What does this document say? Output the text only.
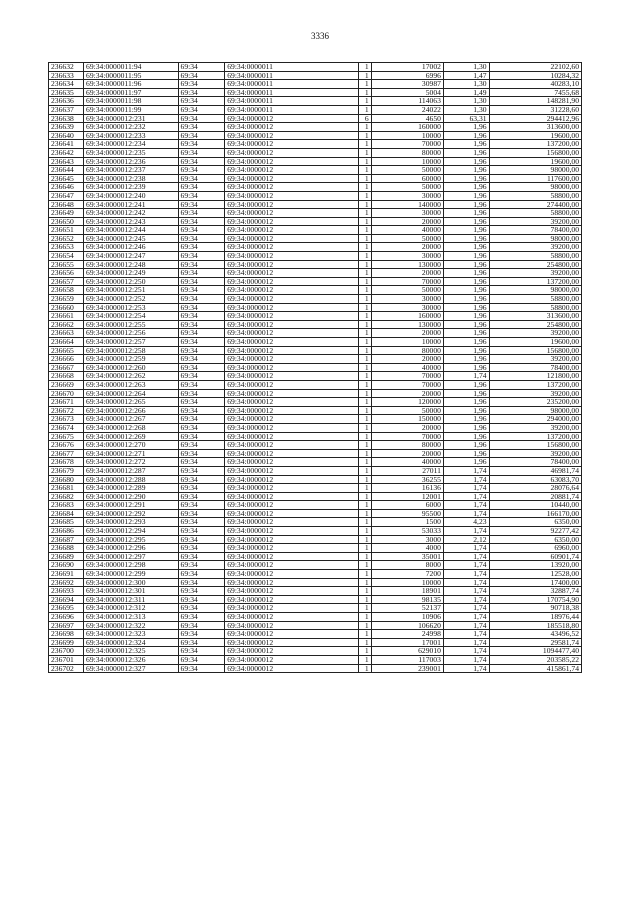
3336
236632	69:34:0000011:94	69:34	69:34:0000011	1	17002	1,30	22102,60
236633	69:34:0000011:95	69:34	69:34:0000011	1	6996	1,47	10284,32
236634	69:34:0000011:96	69:34	69:34:0000011	1	30987	1,30	40283,10
236635	69:34:0000011:97	69:34	69:34:0000011	1	5004	1,49	7455,68
236636	69:34:0000011:98	69:34	69:34:0000011	1	114063	1,30	148281,90
236637	69:34:0000011:99	69:34	69:34:0000011	1	24022	1,30	31228,60
236638	69:34:0000012:231	69:34	69:34:0000012	6	4650	63,31	294412,96
236639	69:34:0000012:232	69:34	69:34:0000012	1	160000	1,96	313600,00
236640	69:34:0000012:233	69:34	69:34:0000012	1	10000	1,96	19600,00
236641	69:34:0000012:234	69:34	69:34:0000012	1	70000	1,96	137200,00
236642	69:34:0000012:235	69:34	69:34:0000012	1	80000	1,96	156800,00
236643	69:34:0000012:236	69:34	69:34:0000012	1	10000	1,96	19600,00
236644	69:34:0000012:237	69:34	69:34:0000012	1	50000	1,96	98000,00
236645	69:34:0000012:238	69:34	69:34:0000012	1	60000	1,96	117600,00
236646	69:34:0000012:239	69:34	69:34:0000012	1	50000	1,96	98000,00
236647	69:34:0000012:240	69:34	69:34:0000012	1	30000	1,96	58800,00
236648	69:34:0000012:241	69:34	69:34:0000012	1	140000	1,96	274400,00
236649	69:34:0000012:242	69:34	69:34:0000012	1	30000	1,96	58800,00
236650	69:34:0000012:243	69:34	69:34:0000012	1	20000	1,96	39200,00
236651	69:34:0000012:244	69:34	69:34:0000012	1	40000	1,96	78400,00
236652	69:34:0000012:245	69:34	69:34:0000012	1	50000	1,96	98000,00
236653	69:34:0000012:246	69:34	69:34:0000012	1	20000	1,96	39200,00
236654	69:34:0000012:247	69:34	69:34:0000012	1	30000	1,96	58800,00
236655	69:34:0000012:248	69:34	69:34:0000012	1	130000	1,96	254800,00
236656	69:34:0000012:249	69:34	69:34:0000012	1	20000	1,96	39200,00
236657	69:34:0000012:250	69:34	69:34:0000012	1	70000	1,96	137200,00
236658	69:34:0000012:251	69:34	69:34:0000012	1	50000	1,96	98000,00
236659	69:34:0000012:252	69:34	69:34:0000012	1	30000	1,96	58800,00
236660	69:34:0000012:253	69:34	69:34:0000012	1	30000	1,96	58800,00
236661	69:34:0000012:254	69:34	69:34:0000012	1	160000	1,96	313600,00
236662	69:34:0000012:255	69:34	69:34:0000012	1	130000	1,96	254800,00
236663	69:34:0000012:256	69:34	69:34:0000012	1	20000	1,96	39200,00
236664	69:34:0000012:257	69:34	69:34:0000012	1	10000	1,96	19600,00
236665	69:34:0000012:258	69:34	69:34:0000012	1	80000	1,96	156800,00
236666	69:34:0000012:259	69:34	69:34:0000012	1	20000	1,96	39200,00
236667	69:34:0000012:260	69:34	69:34:0000012	1	40000	1,96	78400,00
236668	69:34:0000012:262	69:34	69:34:0000012	1	70000	1,74	121800,00
236669	69:34:0000012:263	69:34	69:34:0000012	1	70000	1,96	137200,00
236670	69:34:0000012:264	69:34	69:34:0000012	1	20000	1,96	39200,00
236671	69:34:0000012:265	69:34	69:34:0000012	1	120000	1,96	235200,00
236672	69:34:0000012:266	69:34	69:34:0000012	1	50000	1,96	98000,00
236673	69:34:0000012:267	69:34	69:34:0000012	1	150000	1,96	294000,00
236674	69:34:0000012:268	69:34	69:34:0000012	1	20000	1,96	39200,00
236675	69:34:0000012:269	69:34	69:34:0000012	1	70000	1,96	137200,00
236676	69:34:0000012:270	69:34	69:34:0000012	1	80000	1,96	156800,00
236677	69:34:0000012:271	69:34	69:34:0000012	1	20000	1,96	39200,00
236678	69:34:0000012:272	69:34	69:34:0000012	1	40000	1,96	78400,00
236679	69:34:0000012:287	69:34	69:34:0000012	1	27011	1,74	46981,74
236680	69:34:0000012:288	69:34	69:34:0000012	1	36255	1,74	63083,70
236681	69:34:0000012:289	69:34	69:34:0000012	1	16136	1,74	28076,64
236682	69:34:0000012:290	69:34	69:34:0000012	1	12001	1,74	20881,74
236683	69:34:0000012:291	69:34	69:34:0000012	1	6000	1,74	10440,00
236684	69:34:0000012:292	69:34	69:34:0000012	1	95500	1,74	166170,00
236685	69:34:0000012:293	69:34	69:34:0000012	1	1500	4,23	6350,00
236686	69:34:0000012:294	69:34	69:34:0000012	1	53033	1,74	92277,42
236687	69:34:0000012:295	69:34	69:34:0000012	1	3000	2,12	6350,00
236688	69:34:0000012:296	69:34	69:34:0000012	1	4000	1,74	6960,00
236689	69:34:0000012:297	69:34	69:34:0000012	1	35001	1,74	60901,74
236690	69:34:0000012:298	69:34	69:34:0000012	1	8000	1,74	13920,00
236691	69:34:0000012:299	69:34	69:34:0000012	1	7200	1,74	12528,00
236692	69:34:0000012:300	69:34	69:34:0000012	1	10000	1,74	17400,00
236693	69:34:0000012:301	69:34	69:34:0000012	1	18901	1,74	32887,74
236694	69:34:0000012:311	69:34	69:34:0000012	1	98135	1,74	170754,90
236695	69:34:0000012:312	69:34	69:34:0000012	1	52137	1,74	90718,38
236696	69:34:0000012:313	69:34	69:34:0000012	1	10906	1,74	18976,44
236697	69:34:0000012:322	69:34	69:34:0000012	1	106620	1,74	185518,80
236698	69:34:0000012:323	69:34	69:34:0000012	1	24998	1,74	43496,52
236699	69:34:0000012:324	69:34	69:34:0000012	1	17001	1,74	29581,74
236700	69:34:0000012:325	69:34	69:34:0000012	1	629010	1,74	1094477,40
236701	69:34:0000012:326	69:34	69:34:0000012	1	117003	1,74	203585,22
236702	69:34:0000012:327	69:34	69:34:0000012	1	239001	1,74	415861,74
